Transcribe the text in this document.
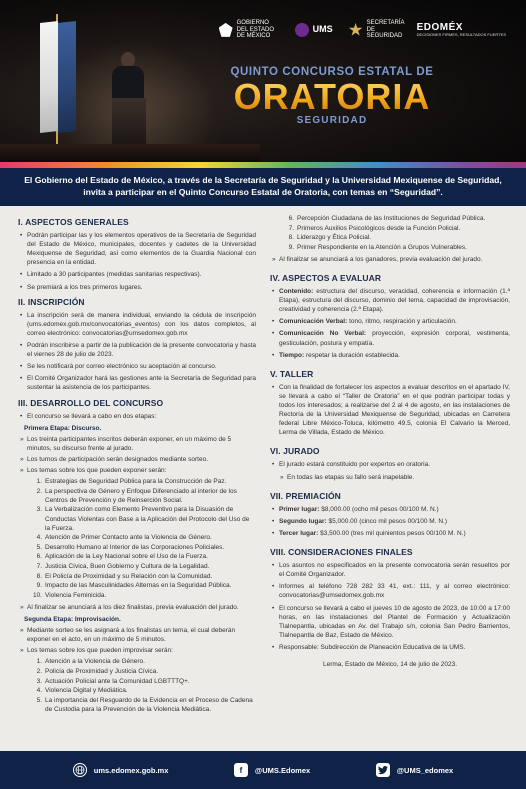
GOBIERNO DEL ESTADO DE MÉXICO
UMS
SECRETARÍA DE SEGURIDAD
EDOMÉX
DECISIONES FIRMES, RESULTADOS FUERTES
QUINTO CONCURSO ESTATAL DE
ORATORIA
SEGURIDAD
El Gobierno del Estado de México, a través de la Secretaría de Seguridad y la Universidad Mexiquense de Seguridad,
invita a participar en el Quinto Concurso Estatal de Oratoria, con temas en “Seguridad”.
I. ASPECTOS GENERALES
• Podrán participar las y los elementos operativos de la Secretaría de Seguridad del Estado de México, municipales, docentes y cadetes de la Universidad Mexiquense de Seguridad, así como elementos de la Guardia Nacional con presencia en la entidad.
• Limitado a 30 participantes (medidas sanitarias respectivas).
• Se premiará a los tres primeros lugares.
II. INSCRIPCIÓN
• La inscripción será de manera individual, enviando la cédula de inscripción (ums.edomex.gob.mx/convocatorias_eventos) con los datos completos, al correo electrónico: convocatorias@umsedomex.gob.mx
• Podrán inscribirse a partir de la publicación de la presente convocatoria y hasta el viernes 28 de julio de 2023.
• Se les notificará por correo electrónico su aceptación al concurso.
• El Comité Organizador hará las gestiones ante la Secretaría de Seguridad para sustentar la asistencia de los participantes.
III. DESARROLLO DEL CONCURSO
• El concurso se llevará a cabo en dos etapas:
Primera Etapa: Discurso.
» Los treinta participantes inscritos deberán exponer, en un máximo de 5 minutos, su discurso frente al jurado.
» Los turnos de participación serán designados mediante sorteo.
» Los temas sobre los que pueden exponer serán:
1. Estrategias de Seguridad Pública para la Construcción de Paz.
2. La perspectiva de Género y Enfoque Diferenciado al interior de los Centros de Prevención y de Reinserción Social.
3. La Verbalización como Elemento Preventivo para la Disuasión de Conductas Violentas con Base a la Aplicación del Protocolo del Uso de la Fuerza.
4. Atención de Primer Contacto ante la Violencia de Género.
5. Desarrollo Humano al Interior de las Corporaciones Policiales.
6. Aplicación de la Ley Nacional sobre el Uso de la Fuerza.
7. Justicia Cívica, Buen Gobierno y Cultura de la Legalidad.
8. El Policía de Proximidad y su Relación con la Comunidad.
9. Impacto de las Masculinidades Alternas en la Seguridad Pública.
10. Violencia Feminicida.
» Al finalizar se anunciará a los diez finalistas, previa evaluación del jurado.
Segunda Etapa: Improvisación.
» Mediante sorteo se les asignará a los finalistas un tema, el cual deberán exponer en el acto, en un máximo de 5 minutos.
» Los temas sobre los que pueden improvisar serán:
1. Atención a la Violencia de Género.
2. Policía de Proximidad y Justicia Cívica.
3. Actuación Policial ante la Comunidad LGBTTTQ+.
4. Violencia Digital y Mediática.
5. La importancia del Resguardo de la Evidencia en el Proceso de Cadena de Custodia para la Prevención de la Violencia Mediática.
6. Percepción Ciudadana de las Instituciones de Seguridad Pública.
7. Primeros Auxilios Psicológicos desde la Función Policial.
8. Liderazgo y Ética Policial.
9. Primer Respondiente en la Atención a Grupos Vulnerables.
» Al finalizar se anunciará a los ganadores, previa evaluación del jurado.
IV. ASPECTOS A EVALUAR
• Contenido: estructura del discurso, veracidad, coherencia e información (1.ª Etapa), estructura del discurso, dominio del tema, capacidad de improvisación, creatividad y coherencia (2.ª Etapa).
• Comunicación Verbal: tono, ritmo, respiración y articulación.
• Comunicación No Verbal: proyección, expresión corporal, vestimenta, gesticulación, postura y empatía.
• Tiempo: respetar la duración establecida.
V. TALLER
• Con la finalidad de fortalecer los aspectos a evaluar descritos en el apartado IV, se llevará a cabo el “Taller de Oratoria” en el que podrán participar todas y todos los interesados; a realizarse del 2 al 4 de agosto, en las instalaciones de Rectoría de la Universidad Mexiquense de Seguridad, ubicadas en Carretera federal Libre México-Toluca, kilómetro 49.5, colonia El Calvario la Merced, Lerma de Villada, Estado de México.
VI. JURADO
• El jurado estará constituido por expertos en oratoria.
» En todas las etapas su fallo será inapelable.
VII. PREMIACIÓN
• Primer lugar: $8,000.00 (ocho mil pesos 00/100 M. N.)
• Segundo lugar: $5,000.00 (cinco mil pesos 00/100 M. N.)
• Tercer lugar: $3,500.00 (tres mil quinientos pesos 00/100 M. N.)
VIII. CONSIDERACIONES FINALES
• Los asuntos no especificados en la presente convocatoria serán resueltos por el Comité Organizador.
• Informes al teléfono 728 282 33 41, ext.: 111, y al correo electrónico: convocatorias@umsedomex.gob.mx
• El concurso se llevará a cabo el jueves 10 de agosto de 2023, de 10:00 a 17:00 horas, en las instalaciones del Plantel de Formación y Actualización Tlalnepantla, ubicadas en Av. del Trabajo s/n, colonia San Pedro Barrientos, Tlalnepantla de Baz, Estado de México.
• Responsable: Subdirección de Planeación Educativa de la UMS.
Lerma, Estado de México, 14 de julio de 2023.
ums.edomex.gob.mx	f	@UMS.Edomex	@UMS_edomex
